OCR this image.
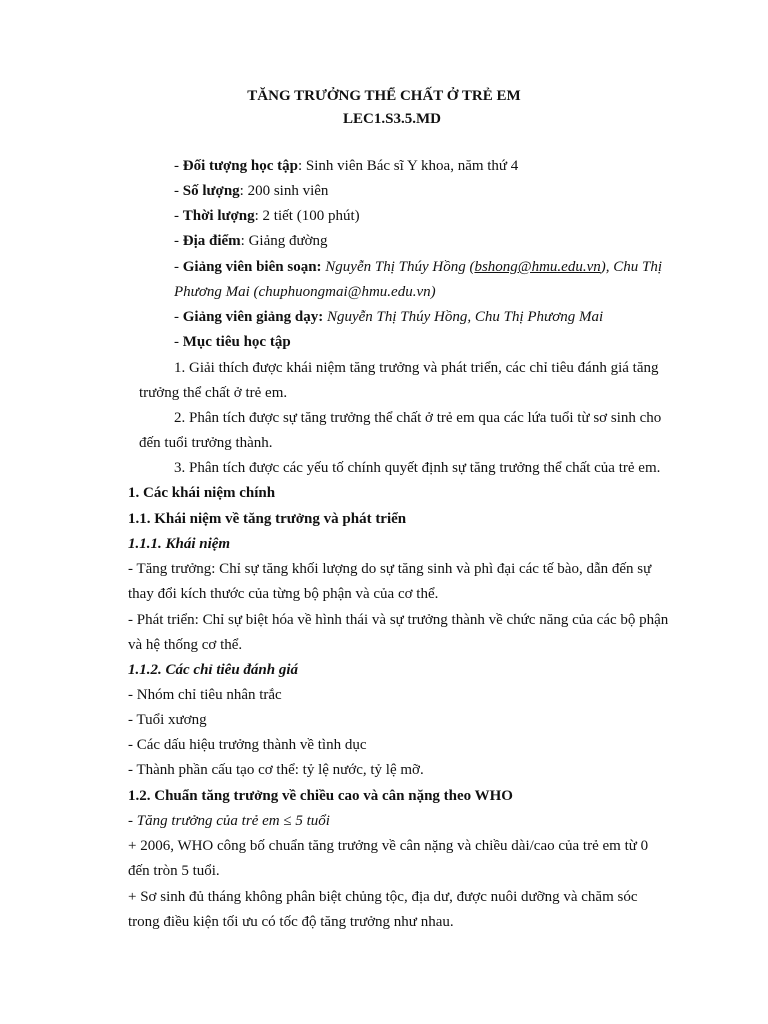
TĂNG TRƯỞNG THỂ CHẤT Ở TRẺ EM
LEC1.S3.5.MD
- Đối tượng học tập: Sinh viên Bác sĩ Y khoa, năm thứ 4
- Số lượng: 200 sinh viên
- Thời lượng: 2 tiết (100 phút)
- Địa điểm: Giảng đường
- Giảng viên biên soạn: Nguyễn Thị Thúy Hồng (bshong@hmu.edu.vn), Chu Thị
Phương Mai (chuphuongmai@hmu.edu.vn)
- Giảng viên giảng dạy: Nguyễn Thị Thúy Hồng, Chu Thị Phương Mai
- Mục tiêu học tập
1. Giải thích được khái niệm tăng trưởng và phát triển, các chỉ tiêu đánh giá tăng
trưởng thể chất ở trẻ em.
2. Phân tích được sự tăng trưởng thể chất ở trẻ em qua các lứa tuổi từ sơ sinh cho
đến tuổi trưởng thành.
3. Phân tích được các yếu tố chính quyết định sự tăng trưởng thể chất của trẻ em.
1. Các khái niệm chính
1.1. Khái niệm về tăng trưởng và phát triển
1.1.1. Khái niệm
- Tăng trưởng: Chỉ sự tăng khối lượng do sự tăng sinh và phì đại các tế bào, dẫn đến sự
thay đổi kích thước của từng bộ phận và của cơ thể.
- Phát triển: Chỉ sự biệt hóa về hình thái và sự trưởng thành về chức năng của các bộ phận
và hệ thống cơ thể.
1.1.2. Các chỉ tiêu đánh giá
- Nhóm chỉ tiêu nhân trắc
- Tuổi xương
- Các dấu hiệu trưởng thành về tình dục
- Thành phần cấu tạo cơ thể: tỷ lệ nước, tỷ lệ mỡ.
1.2. Chuẩn tăng trưởng về chiều cao và cân nặng theo WHO
- Tăng trưởng của trẻ em ≤ 5 tuổi
+ 2006, WHO công bố chuẩn tăng trưởng về cân nặng và chiều dài/cao của trẻ em từ 0
đến tròn 5 tuổi.
+ Sơ sinh đủ tháng không phân biệt chủng tộc, địa dư, được nuôi dưỡng và chăm sóc
trong điều kiện tối ưu có tốc độ tăng trưởng như nhau.
